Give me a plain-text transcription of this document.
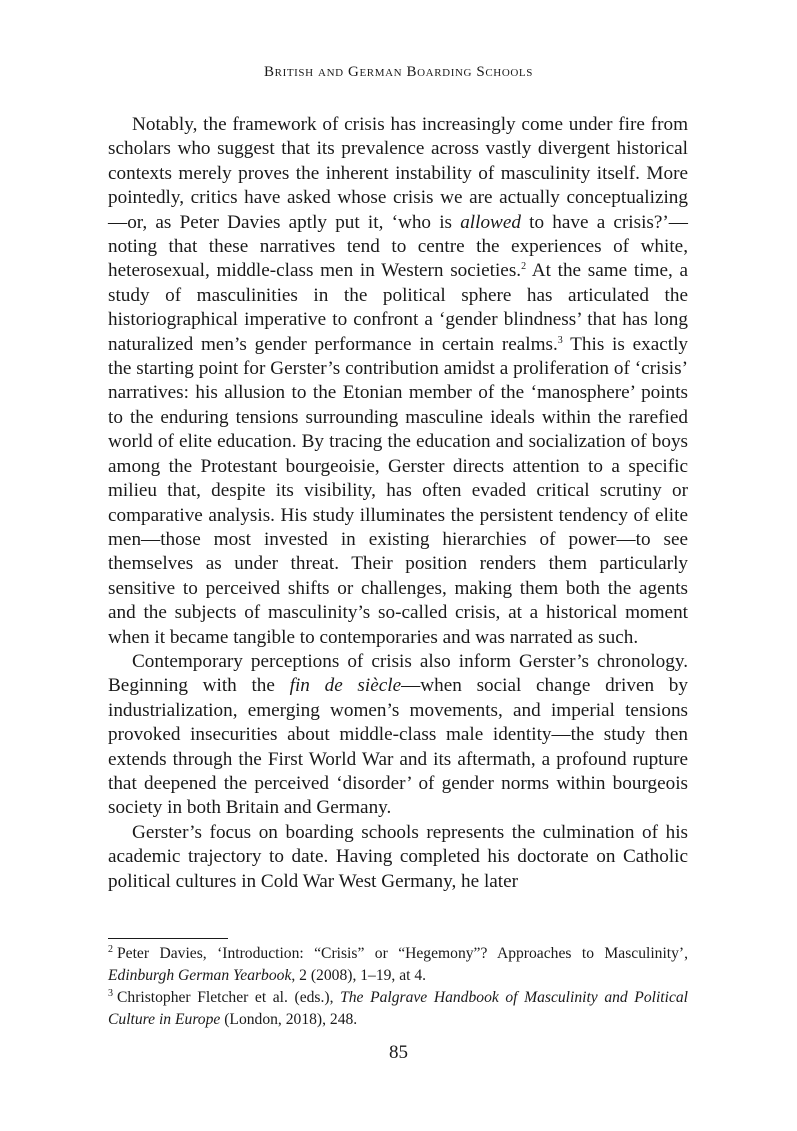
British and German Boarding Schools

Notably, the framework of crisis has increasingly come under fire from scholars who suggest that its prevalence across vastly divergent historical contexts merely proves the inherent instability of masculinity itself. More pointedly, critics have asked whose crisis we are actually conceptualizing—or, as Peter Davies aptly put it, ‘who is allowed to have a crisis?’—noting that these narratives tend to centre the experiences of white, heterosexual, middle-class men in Western societies.$^2$ At the same time, a study of masculinities in the political sphere has articulated the historiographical imperative to confront a ‘gender blindness’ that has long naturalized men’s gender performance in certain realms.$^3$ This is exactly the starting point for Gerster’s contribution amidst a proliferation of ‘crisis’ narratives: his allusion to the Etonian member of the ‘manosphere’ points to the enduring tensions surrounding masculine ideals within the rarefied world of elite education. By tracing the education and socialization of boys among the Protestant bourgeoisie, Gerster directs attention to a specific milieu that, despite its visibility, has often evaded critical scrutiny or comparative analysis. His study illuminates the persistent tendency of elite men—those most invested in existing hierarchies of power—to see themselves as under threat. Their position renders them particularly sensitive to perceived shifts or challenges, making them both the agents and the subjects of masculinity’s so-called crisis, at a historical moment when it became tangible to contemporaries and was narrated as such.

Contemporary perceptions of crisis also inform Gerster’s chronology. Beginning with the fin de siècle—when social change driven by industrialization, emerging women’s movements, and imperial tensions provoked insecurities about middle-class male identity—the study then extends through the First World War and its aftermath, a profound rupture that deepened the perceived ‘disorder’ of gender norms within bourgeois society in both Britain and Germany.

Gerster’s focus on boarding schools represents the culmination of his academic trajectory to date. Having completed his doctorate on Catholic political cultures in Cold War West Germany, he later

$^2$ Peter Davies, ‘Introduction: “Crisis” or “Hegemony”? Approaches to Masculinity’, Edinburgh German Yearbook, 2 (2008), 1–19, at 4.

$^3$ Christopher Fletcher et al. (eds.), The Palgrave Handbook of Masculinity and Political Culture in Europe (London, 2018), 248.

85
